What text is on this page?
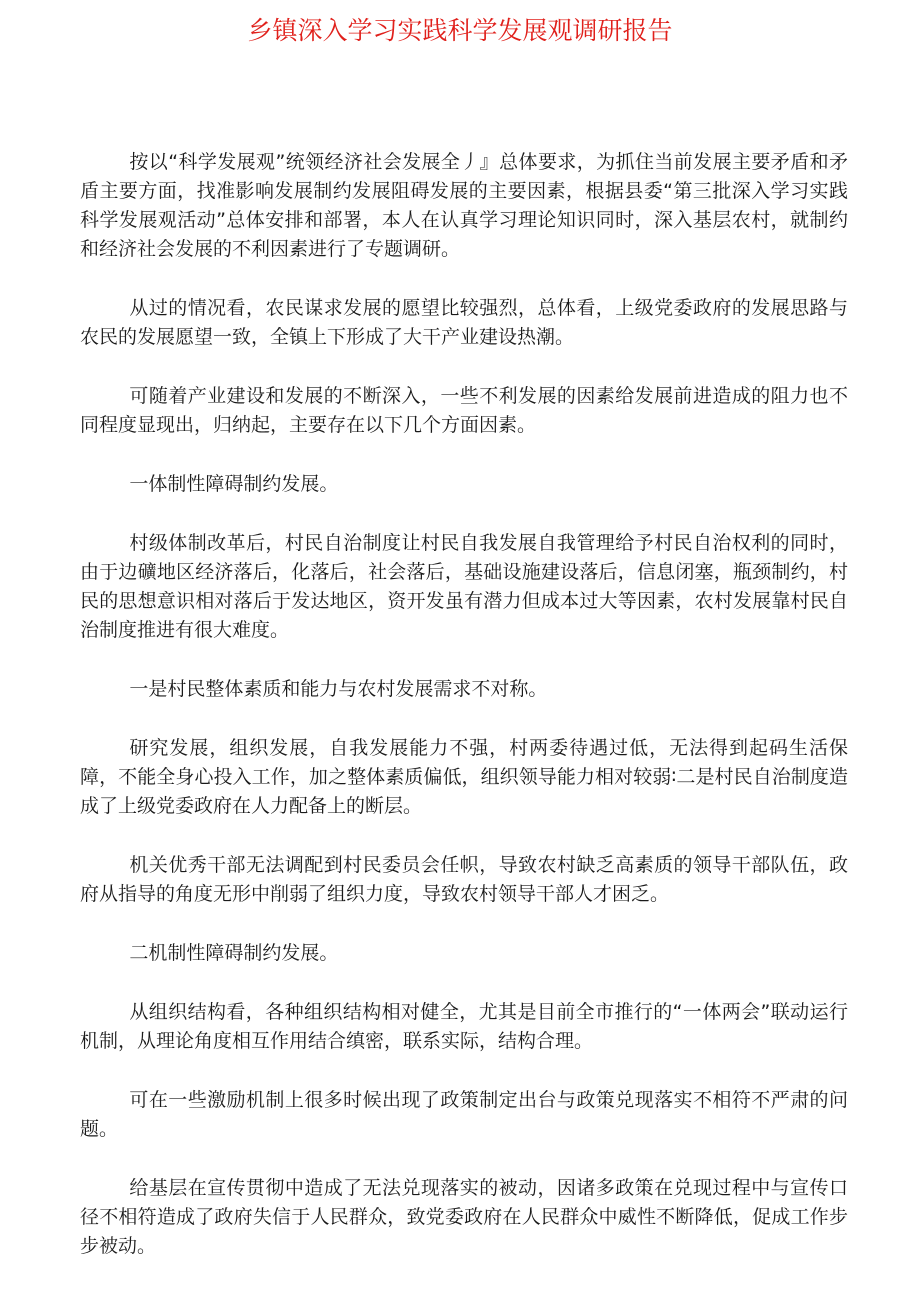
乡镇深入学习实践科学发展观调研报告

按以“科学发展观”统领经济社会发展全丿』总体要求，为抓住当前发展主要矛盾和矛盾主要方面，找准影响发展制约发展阻碍发展的主要因素，根据县委“第三批深入学习实践科学发展观活动”总体安排和部署，本人在认真学习理论知识同时，深入基层农村，就制约和经济社会发展的不利因素进行了专题调研。

从过的情况看，农民谋求发展的愿望比较强烈，总体看，上级党委政府的发展思路与农民的发展愿望一致，全镇上下形成了大干产业建设热潮。

可随着产业建设和发展的不断深入，一些不利发展的因素给发展前进造成的阻力也不同程度显现出，归纳起，主要存在以下几个方面因素。

一体制性障碍制约发展。

村级体制改革后，村民自治制度让村民自我发展自我管理给予村民自治权利的同时，由于边礦地区经济落后，化落后，社会落后，基础设施建设落后，信息闭塞，瓶颈制约，村民的思想意识相对落后于发达地区，资开发虽有潜力但成本过大等因素，农村发展靠村民自治制度推进有很大难度。

一是村民整体素质和能力与农村发展需求不对称。

研究发展，组织发展，自我发展能力不强，村两委待遇过低，无法得到起码生活保障，不能全身心投入工作，加之整体素质偏低，组织领导能力相对较弱∶二是村民自治制度造成了上级党委政府在人力配备上的断层。

机关优秀干部无法调配到村民委员会任帜，导致农村缺乏高素质的领导干部队伍，政府从指导的角度无形中削弱了组织力度，导致农村领导干部人才困乏。

二机制性障碍制约发展。

从组织结构看，各种组织结构相对健全，尤其是目前全市推行的“一体两会”联动运行机制，从理论角度相互作用结合缜密，联系实际，结构合理。

可在一些激励机制上很多时候出现了政策制定出台与政策兑现落实不相符不严肃的问题。

给基层在宣传贯彻中造成了无法兑现落实的被动，因诸多政策在兑现过程中与宣传口径不相符造成了政府失信于人民群众，致党委政府在人民群众中威性不断降低，促成工作步步被动。
